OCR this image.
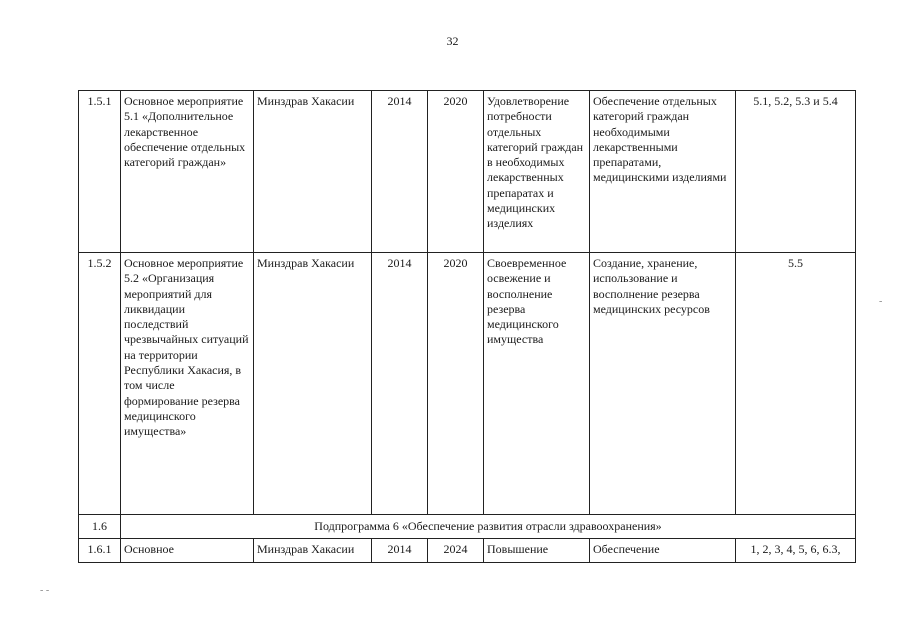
32
1.5.1	Основное мероприятие 5.1 «Дополнительное лекарственное обеспечение отдельных категорий граждан»	Минздрав Хакасии	2014	2020	Удовлетворение потребности отдельных категорий граждан в необходимых лекарственных препаратах и медицинских изделиях	Обеспечение отдельных категорий граждан необходимыми лекарственными препаратами, медицинскими изделиями	5.1, 5.2, 5.3 и 5.4
1.5.2	Основное мероприятие 5.2 «Организация мероприятий для ликвидации последствий чрезвычайных ситуаций на территории Республики Хакасия, в том числе формирование резерва медицинского имущества»	Минздрав Хакасии	2014	2020	Своевременное освежение и восполнение резерва медицинского имущества	Создание, хранение, использование и восполнение резерва медицинских ресурсов	5.5
1.6	Подпрограмма 6 «Обеспечение развития отрасли здравоохранения»						
1.6.1	Основное	Минздрав Хакасии	2014	2024	Повышение	Обеспечение	1, 2, 3, 4, 5, 6, 6.3,
-
- -
